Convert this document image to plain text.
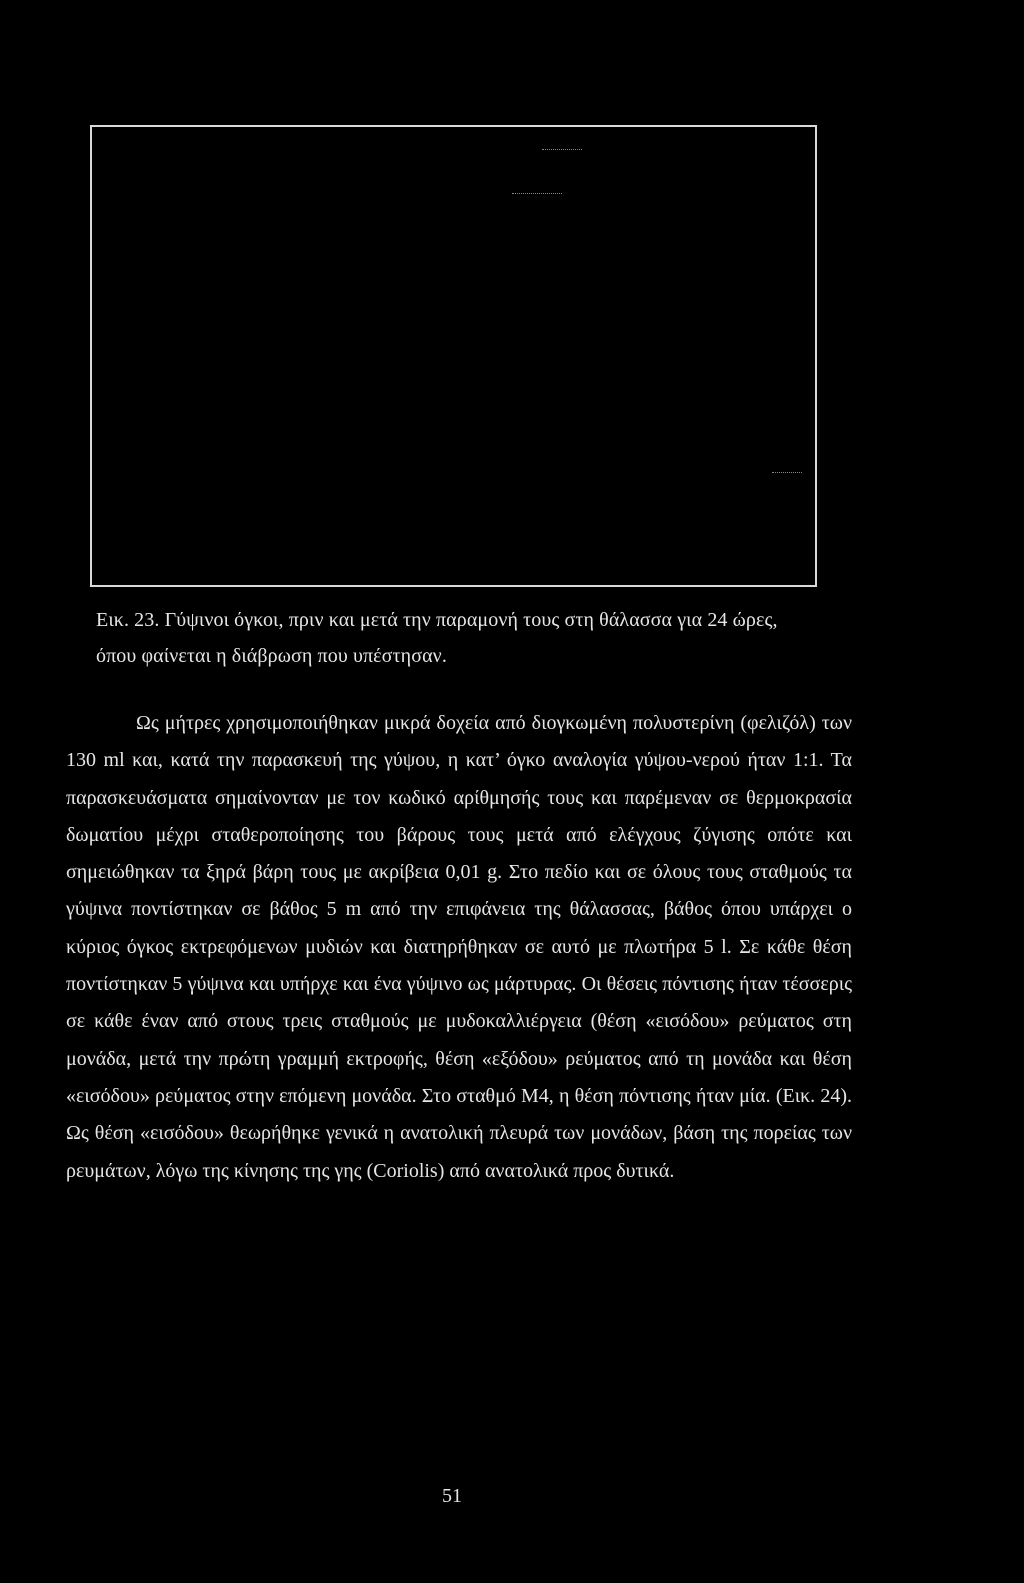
Εικ. 23. Γύψινοι όγκοι, πριν και μετά την παραμονή τους στη θάλασσα για 24 ώρες,
όπου φαίνεται η διάβρωση που υπέστησαν.

Ως μήτρες χρησιμοποιήθηκαν μικρά δοχεία από διογκωμένη πολυστερίνη (φελιζόλ) των 130 ml και, κατά την παρασκευή της γύψου, η κατ’ όγκο αναλογία γύψου-νερού ήταν 1:1. Τα παρασκευάσματα σημαίνονταν με τον κωδικό αρίθμησής τους και παρέμεναν σε θερμοκρασία δωματίου μέχρι σταθεροποίησης του βάρους τους μετά από ελέγχους ζύγισης οπότε και σημειώθηκαν τα ξηρά βάρη τους με ακρίβεια 0,01 g. Στο πεδίο και σε όλους τους σταθμούς τα γύψινα ποντίστηκαν σε βάθος 5 m από την επιφάνεια της θάλασσας, βάθος όπου υπάρχει ο κύριος όγκος εκτρεφόμενων μυδιών και διατηρήθηκαν σε αυτό με πλωτήρα 5 l. Σε κάθε θέση ποντίστηκαν 5 γύψινα και υπήρχε και ένα γύψινο ως μάρτυρας. Οι θέσεις πόντισης ήταν τέσσερις σε κάθε έναν από στους τρεις σταθμούς με μυδοκαλλιέργεια (θέση «εισόδου» ρεύματος στη μονάδα, μετά την πρώτη γραμμή εκτροφής, θέση «εξόδου» ρεύματος από τη μονάδα και θέση «εισόδου» ρεύματος στην επόμενη μονάδα. Στο σταθμό Μ4, η θέση πόντισης ήταν μία. (Εικ. 24). Ως θέση «εισόδου» θεωρήθηκε γενικά η ανατολική πλευρά των μονάδων, βάση της πορείας των ρευμάτων, λόγω της κίνησης της γης (Coriolis) από ανατολικά προς δυτικά.

51
